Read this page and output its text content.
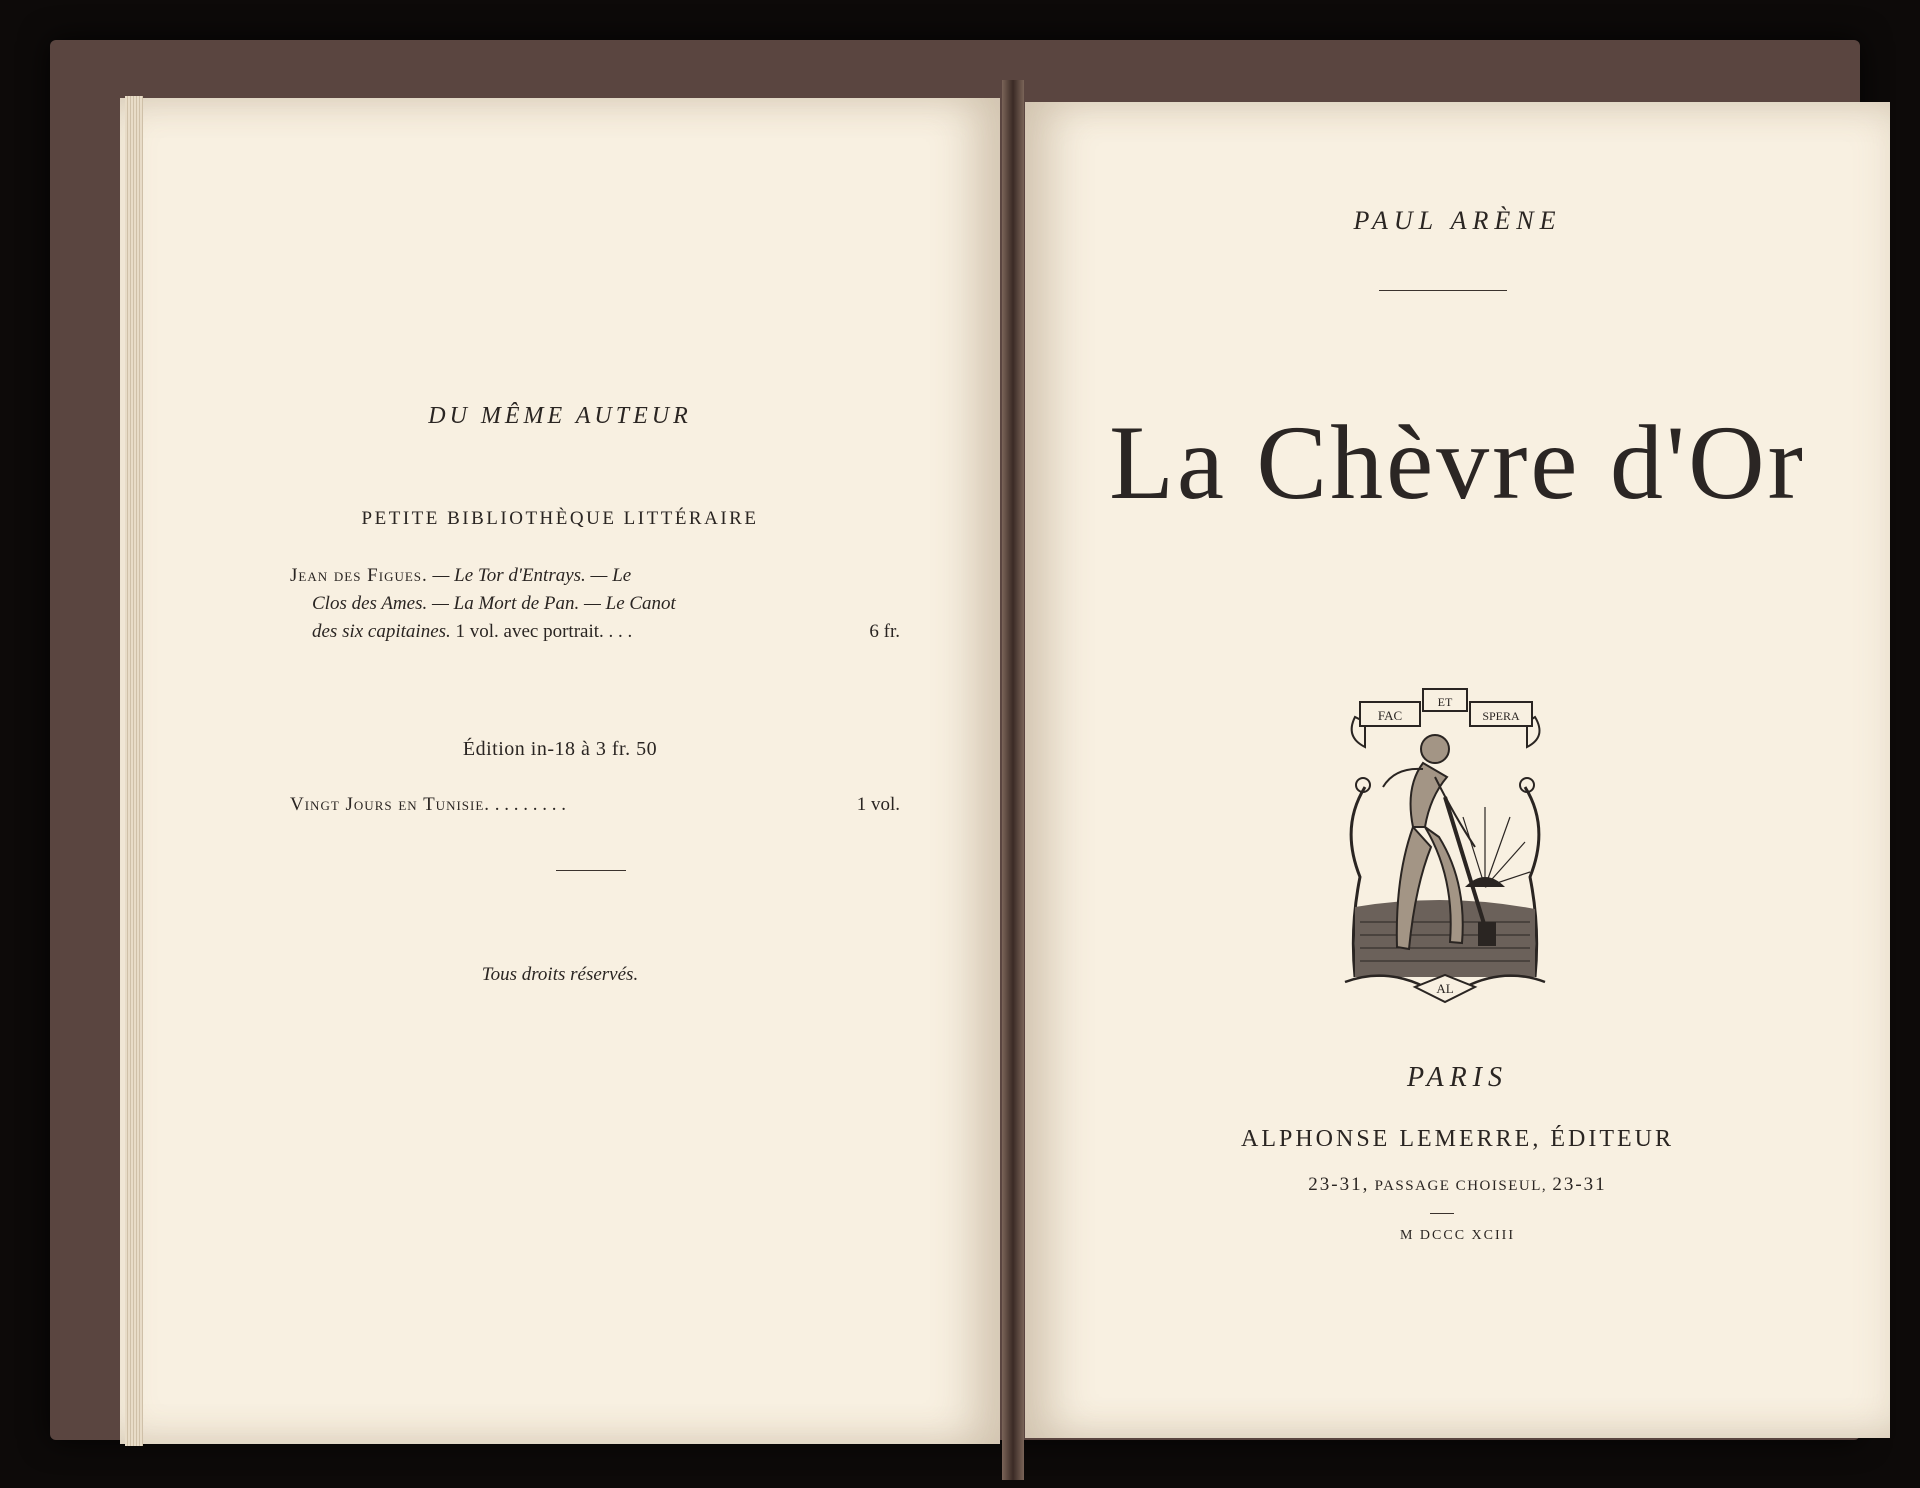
DU MÊME AUTEUR
PETITE BIBLIOTHÈQUE LITTÉRAIRE
Jean des Figues. — Le Tor d'Entrays. — Le
Clos des Ames. — La Mort de Pan. — Le Canot
des six capitaines. 1 vol. avec portrait. . . .	6 fr.
Édition in-18 à 3 fr. 50
Vingt Jours en Tunisie. . . . . . . . .	1 vol.
Tous droits réservés.
PAUL ARÈNE
La Chèvre d'Or
FAC
ET
SPERA
AL
PARIS
ALPHONSE LEMERRE, ÉDITEUR
23-31, PASSAGE CHOISEUL, 23-31
M DCCC XCIII
